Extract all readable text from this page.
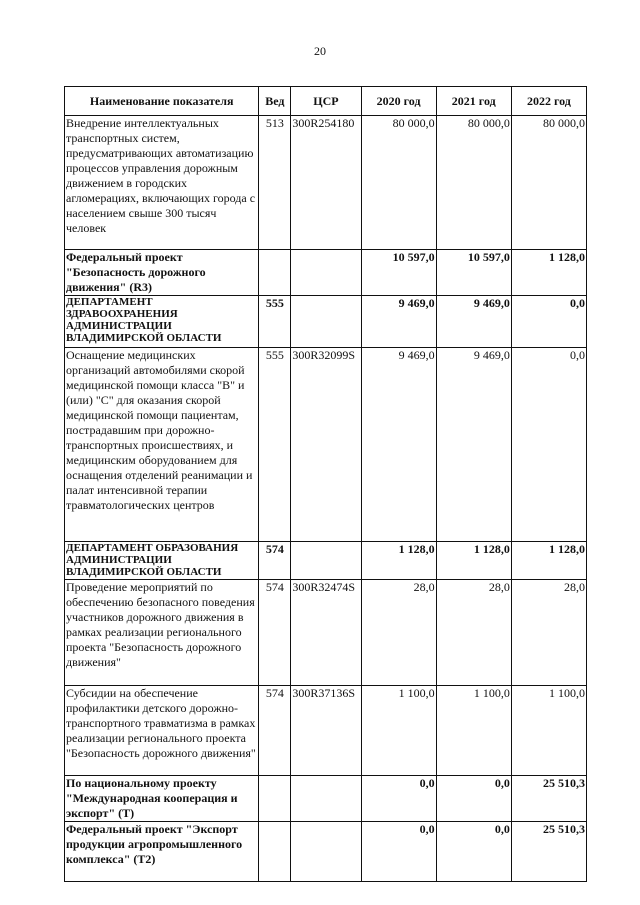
20
Наименование показателя	Вед	ЦСР	2020 год	2021 год	2022 год
Внедрение интеллектуальных транспортных систем, предусматривающих автоматизацию процессов управления дорожным движением в городских агломерациях, включающих города с населением свыше 300 тысяч человек	513	300R254180	80 000,0	80 000,0	80 000,0
Федеральный проект "Безопасность дорожного движения" (R3)			10 597,0	10 597,0	1 128,0
ДЕПАРТАМЕНТ ЗДРАВООХРАНЕНИЯ АДМИНИСТРАЦИИ ВЛАДИМИРСКОЙ ОБЛАСТИ	555		9 469,0	9 469,0	0,0
Оснащение медицинских организаций автомобилями скорой медицинской помощи класса "В" и (или) "С" для оказания скорой медицинской помощи пациентам, пострадавшим при дорожно-транспортных происшествиях, и медицинским оборудованием для оснащения отделений реанимации и палат интенсивной терапии травматологических центров	555	300R32099S	9 469,0	9 469,0	0,0
ДЕПАРТАМЕНТ ОБРАЗОВАНИЯ АДМИНИСТРАЦИИ ВЛАДИМИРСКОЙ ОБЛАСТИ	574		1 128,0	1 128,0	1 128,0
Проведение мероприятий по обеспечению безопасного поведения участников дорожного движения в рамках реализации регионального проекта "Безопасность дорожного движения"	574	300R32474S	28,0	28,0	28,0
Субсидии на обеспечение профилактики детского дорожно-транспортного травматизма в рамках реализации регионального проекта "Безопасность дорожного движения"	574	300R37136S	1 100,0	1 100,0	1 100,0
По национальному проекту "Международная кооперация и экспорт" (T)			0,0	0,0	25 510,3
Федеральный проект "Экспорт продукции агропромышленного комплекса" (T2)			0,0	0,0	25 510,3
